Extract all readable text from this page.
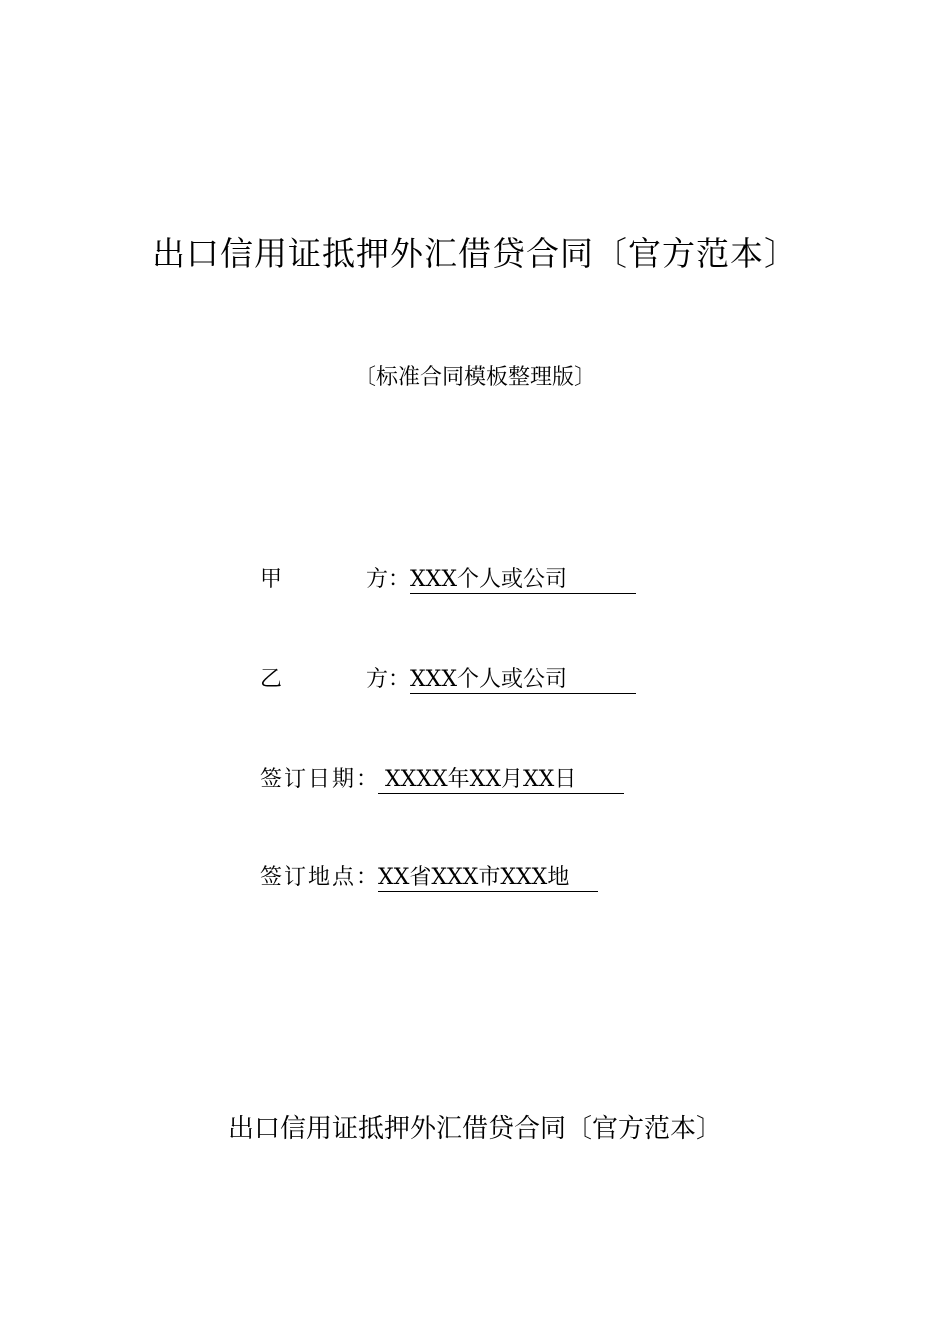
出口信用证抵押外汇借贷合同〔官方范本〕
〔标准合同模板整理版〕
甲	方 ： XXX个人或公司
乙	方 ： XXX个人或公司
签订日期 ： XXXX年XX月XX日
签订地点 ： XX省XXX市XXX地
出口信用证抵押外汇借贷合同〔官方范本〕
